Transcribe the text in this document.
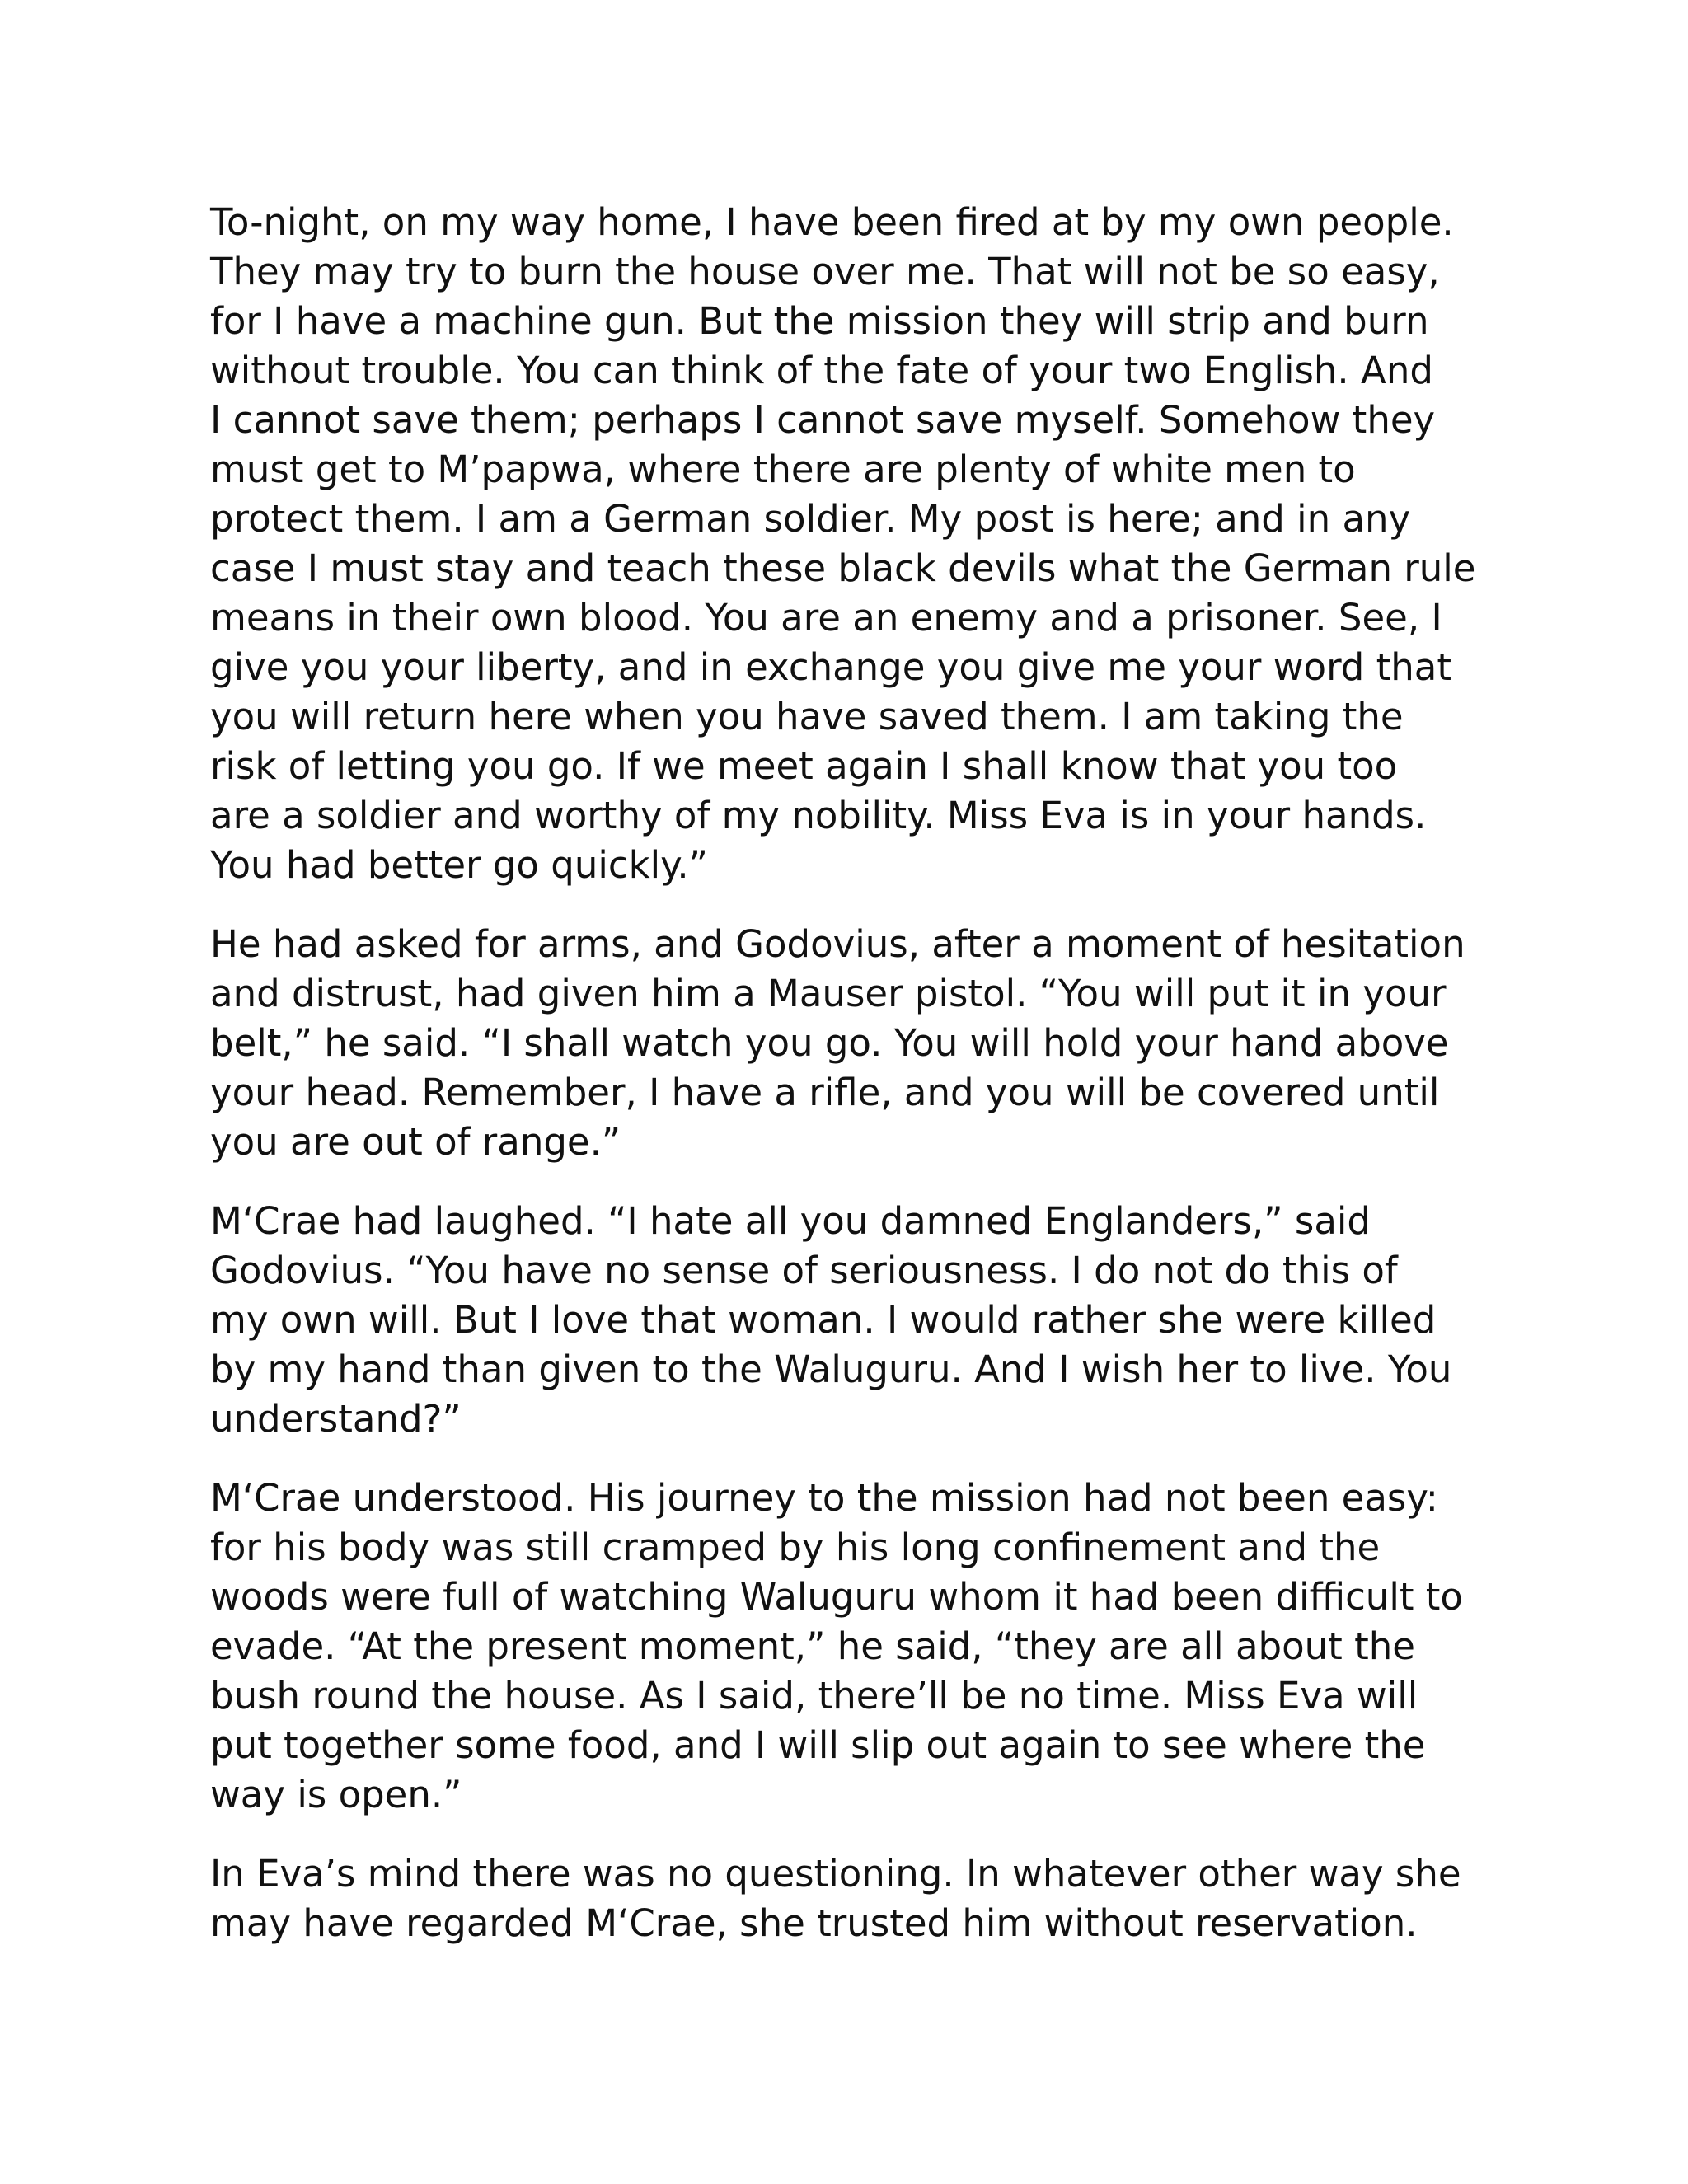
To-night, on my way home, I have been fired at by my own people.
They may try to burn the house over me. That will not be so easy,
for I have a machine gun. But the mission they will strip and burn
without trouble. You can think of the fate of your two English. And
I cannot save them; perhaps I cannot save myself. Somehow they
must get to M’papwa, where there are plenty of white men to
protect them. I am a German soldier. My post is here; and in any
case I must stay and teach these black devils what the German rule
means in their own blood. You are an enemy and a prisoner. See, I
give you your liberty, and in exchange you give me your word that
you will return here when you have saved them. I am taking the
risk of letting you go. If we meet again I shall know that you too
are a soldier and worthy of my nobility. Miss Eva is in your hands.
You had better go quickly.”

He had asked for arms, and Godovius, after a moment of hesitation
and distrust, had given him a Mauser pistol. “You will put it in your
belt,” he said. “I shall watch you go. You will hold your hand above
your head. Remember, I have a rifle, and you will be covered until
you are out of range.”

M‘Crae had laughed. “I hate all you damned Englanders,” said
Godovius. “You have no sense of seriousness. I do not do this of
my own will. But I love that woman. I would rather she were killed
by my hand than given to the Waluguru. And I wish her to live. You
understand?”

M‘Crae understood. His journey to the mission had not been easy:
for his body was still cramped by his long confinement and the
woods were full of watching Waluguru whom it had been difficult to
evade. “At the present moment,” he said, “they are all about the
bush round the house. As I said, there’ll be no time. Miss Eva will
put together some food, and I will slip out again to see where the
way is open.”

In Eva’s mind there was no questioning. In whatever other way she
may have regarded M‘Crae, she trusted him without reservation.
